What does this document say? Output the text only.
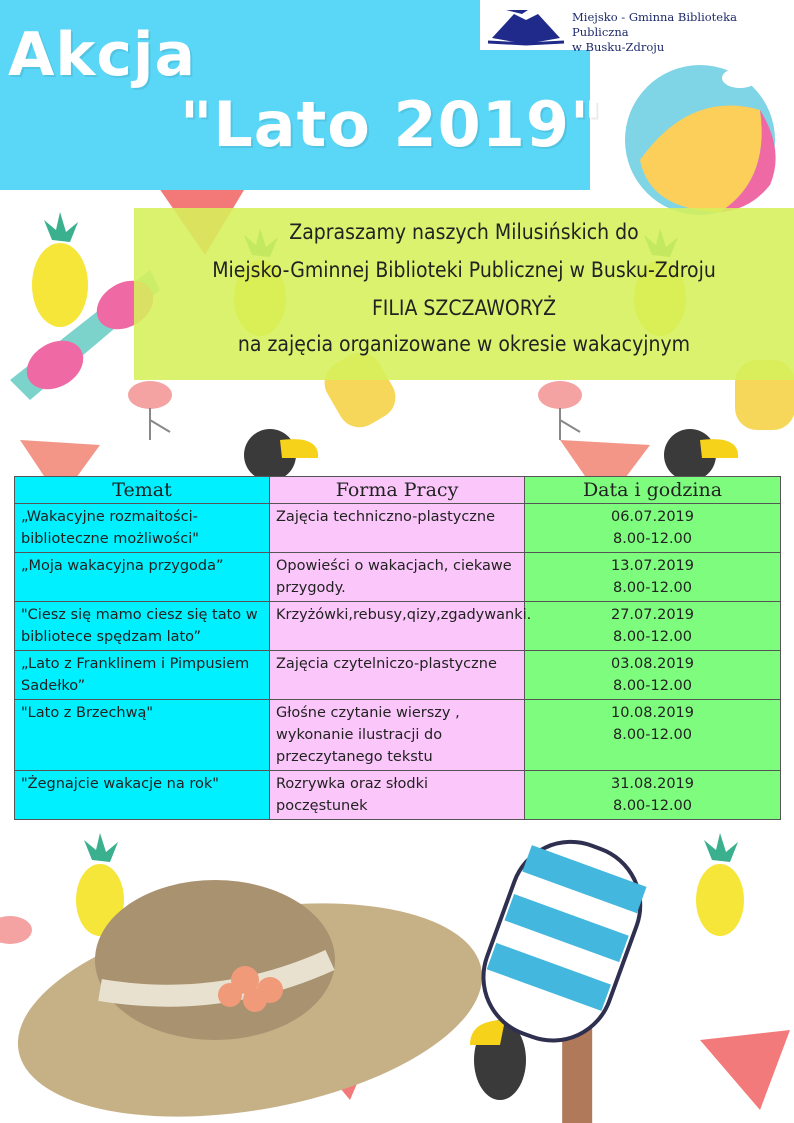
Akcja
"Lato 2019"
Miejsko - Gminna Biblioteka Publiczna
w Busku-Zdroju
Zapraszamy naszych Milusińskich do
Miejsko-Gminnej Biblioteki Publicznej w Busku-Zdroju
FILIA SZCZAWORYŻ
na zajęcia organizowane w okresie wakacyjnym
Temat	Forma Pracy	Data i godzina
„Wakacyjne rozmaitości-biblioteczne możliwości"	Zajęcia techniczno-plastyczne	06.07.2019
8.00-12.00

„Moja wakacyjna przygoda”	Opowieści o wakacjach, ciekawe przygody.	13.07.2019
8.00-12.00

"Ciesz się mamo ciesz się tato w bibliotece spędzam lato”	Krzyżówki,rebusy,qizy,zgadywanki.	27.07.2019
8.00-12.00

„Lato z Franklinem i Pimpusiem Sadełko”	Zajęcia czytelniczo-plastyczne	03.08.2019
8.00-12.00

"Lato z Brzechwą"	Głośne czytanie wierszy , wykonanie ilustracji do przeczytanego tekstu	10.08.2019
8.00-12.00

"Żegnajcie wakacje na rok"	Rozrywka oraz słodki poczęstunek	31.08.2019
8.00-12.00
